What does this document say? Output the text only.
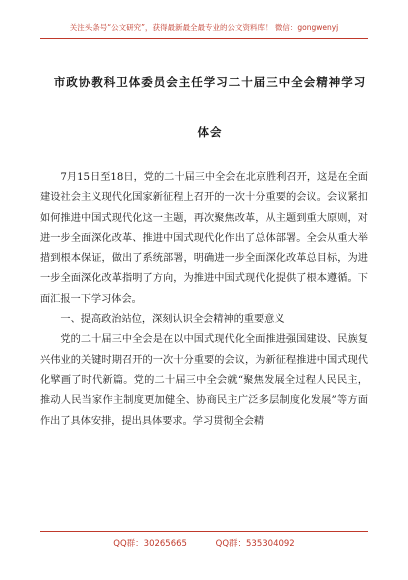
关注头条号“公文研究”，获得最新最全最专业的公文资料库！ 微信：gongwenyj
市政协教科卫体委员会主任学习二十届三中全会精神学习
体会

7月15日至18日，党的二十届三中全会在北京胜利召开，这是在全面建设社会主义现代化国家新征程上召开的一次十分重要的会议。会议紧扣如何推进中国式现代化这一主题，再次聚焦改革，从主题到重大原则，对进一步全面深化改革、推进中国式现代化作出了总体部署。全会从重大举措到根本保证，做出了系统部署，明确进一步全面深化改革总目标，为进一步全面深化改革指明了方向，为推进中国式现代化提供了根本遵循。下面汇报一下学习体会。

一、提高政治站位，深刻认识全会精神的重要意义

党的二十届三中全会是在以中国式现代化全面推进强国建设、民族复兴伟业的关键时期召开的一次十分重要的会议，为新征程推进中国式现代化擘画了时代新篇。党的二十届三中全会就“聚焦发展全过程人民民主，推动人民当家作主制度更加健全、协商民主广泛多层制度化发展”等方面作出了具体安排，提出具体要求。学习贯彻全会精

QQ群：30265665 QQ群：535304092
